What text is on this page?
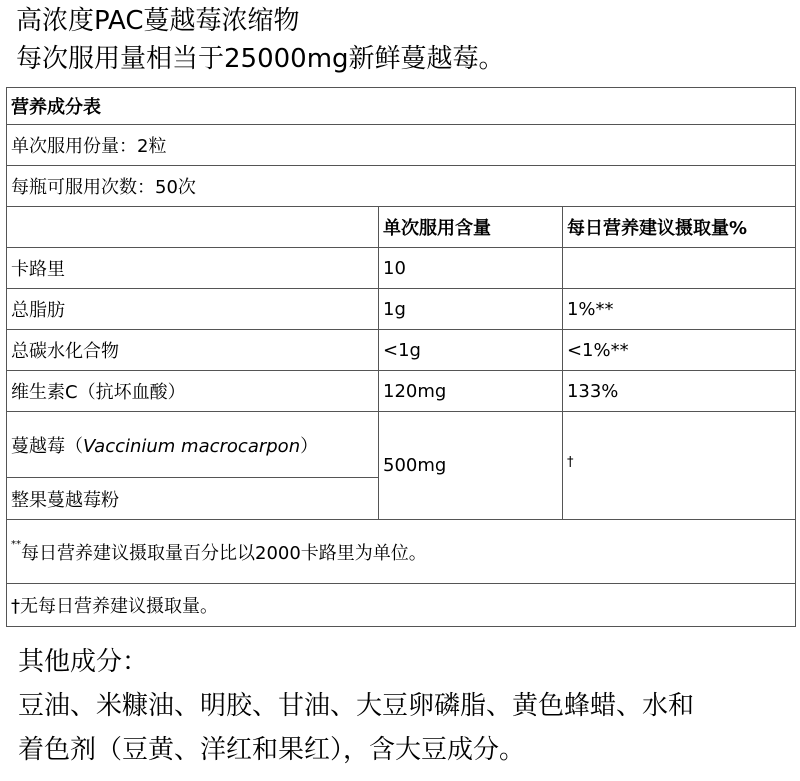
高浓度PAC蔓越莓浓缩物
每次服用量相当于25000mg新鲜蔓越莓。
营养成分表		
单次服用份量：2粒		
每瓶可服用次数：50次		
	单次服用含量	每日营养建议摄取量%
卡路里	10	
总脂肪	1g	1%**
总碳水化合物	<1g	<1%**
维生素C（抗坏血酸）	120mg	133%
蔓越莓（Vaccinium macrocarpon）	500mg	†
整果蔓越莓粉		
**每日营养建议摄取量百分比以2000卡路里为单位。		
†无每日营养建议摄取量。		
其他成分：
豆油、米糠油、明胶、甘油、大豆卵磷脂、黄色蜂蜡、水和
着色剂（豆黄、洋红和果红），含大豆成分。
